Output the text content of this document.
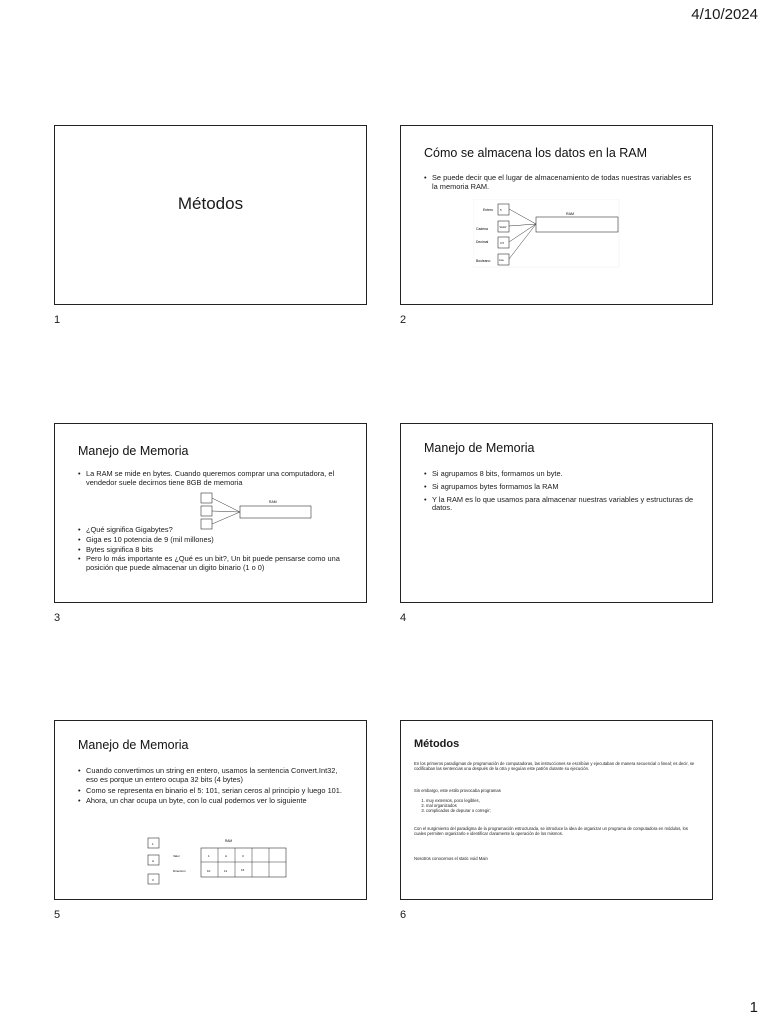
4/10/2024
Métodos
1
Cómo se almacena los datos en la RAM
• Se puede decir que el lugar de almacenamiento de todas nuestras variables es la memoria RAM.
Entero
Cadena
Decimal
Booleano
5
"Hola"
3.5
true
RAM
2
Manejo de Memoria
• La RAM se mide en bytes. Cuando queremos comprar una computadora, el vendedor suele decirnos tiene 8GB de memoria
RAM
• ¿Qué significa Gigabytes?
• Giga es 10 potencia de 9 (mil millones)
• Bytes significa 8 bits
• Pero lo más importante es ¿Qué es un bit?, Un bit puede pensarse como una posición que puede almacenar un digito binario (1 o 0)
3
Manejo de Memoria
• Si agrupamos 8 bits, formamos un byte.
• Si agrupamos bytes formamos la RAM
• Y la RAM es lo que usamos para almacenar nuestras variables y estructuras de datos.
4
Manejo de Memoria
• Cuando convertimos un string en entero, usamos la sentencia Convert.Int32, eso es porque un entero ocupa 32 bits (4 bytes)
• Como se representa en binario el 5: 101, serian ceros al principio y luego 101.
• Ahora, un char ocupa un byte, con lo cual podemos ver lo siguiente
1
A
3
RAM
Valor
Dirección
1	A	3
10	11	15
5
Métodos

En los primeros paradigmas de programación de computadoras, las instrucciones se escribían y ejecutaban de manera secuencial o lineal; es decir, se codificaban las sentencias una después de la otra y seguían este patrón durante su ejecución.

Sin embargo, este estilo provocaba programas

1. muy extensos, poco legibles,
2. mal organizados
3. complicados de depurar o corregir;

Con el surgimiento del paradigma de la programación estructurada, se introduce la idea de organizar un programa de computadora en módulos, los cuales permiten organizarlo e identificar claramente la operación de los mismos.

Nosotros conocemos el static void Main

6
1
